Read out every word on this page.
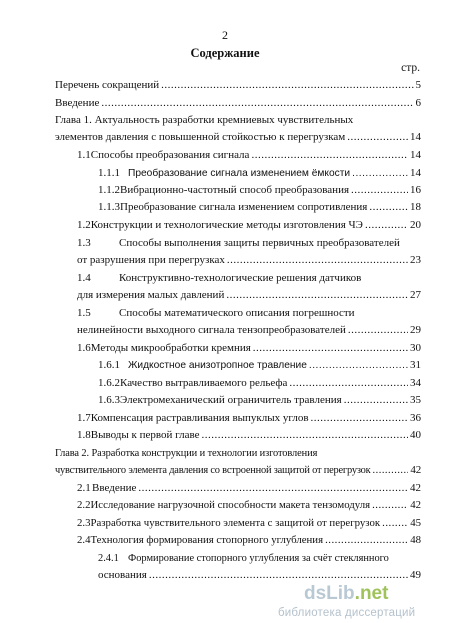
2
Содержание
стр.
Перечень сокращений .....	5
Введение .....	6
Глава 1. Актуальность разработки кремниевых чувствительных
элементов давления с повышенной стойкостью к перегрузкам .....	14
1.1 Способы преобразования сигнала .....	14
1.1.1 Преобразование сигнала изменением ёмкости .....	14
1.1.2 Вибрационно-частотный способ преобразования .....	16
1.1.3 Преобразование сигнала изменением сопротивления .....	18
1.2 Конструкции и технологические методы изготовления ЧЭ .....	20
1.3	Способы выполнения защиты первичных преобразователей
от разрушения при перегрузках .....	23
1.4	Конструктивно-технологические решения датчиков
для измерения малых давлений .....	27
1.5	Способы математического описания погрешности
нелинейности выходного сигнала тензопреобразователей .....	29
1.6 Методы микрообработки кремния .....	30
1.6.1 Жидкостное анизотропное травление .....	31
1.6.2 Качество вытравливаемого рельефа .....	34
1.6.3 Электромеханический ограничитель травления .....	35
1.7 Компенсация растравливания выпуклых углов .....	36
1.8 Выводы к первой главе .....	40
Глава 2. Разработка конструкции и технологии изготовления
чувствительного элемента давления со встроенной защитой от перегрузок .....	42
2.1 Введение .....	42
2.2 Исследование нагрузочной способности макета тензомодуля .....	42
2.3 Разработка чувствительного элемента с защитой от перегрузок .....	45
2.4 Технология формирования стопорного углубления .....	48
2.4.1 Формирование стопорного углубления за счёт стеклянного
основания .....	49
dsLib.net
библиотека диссертаций
